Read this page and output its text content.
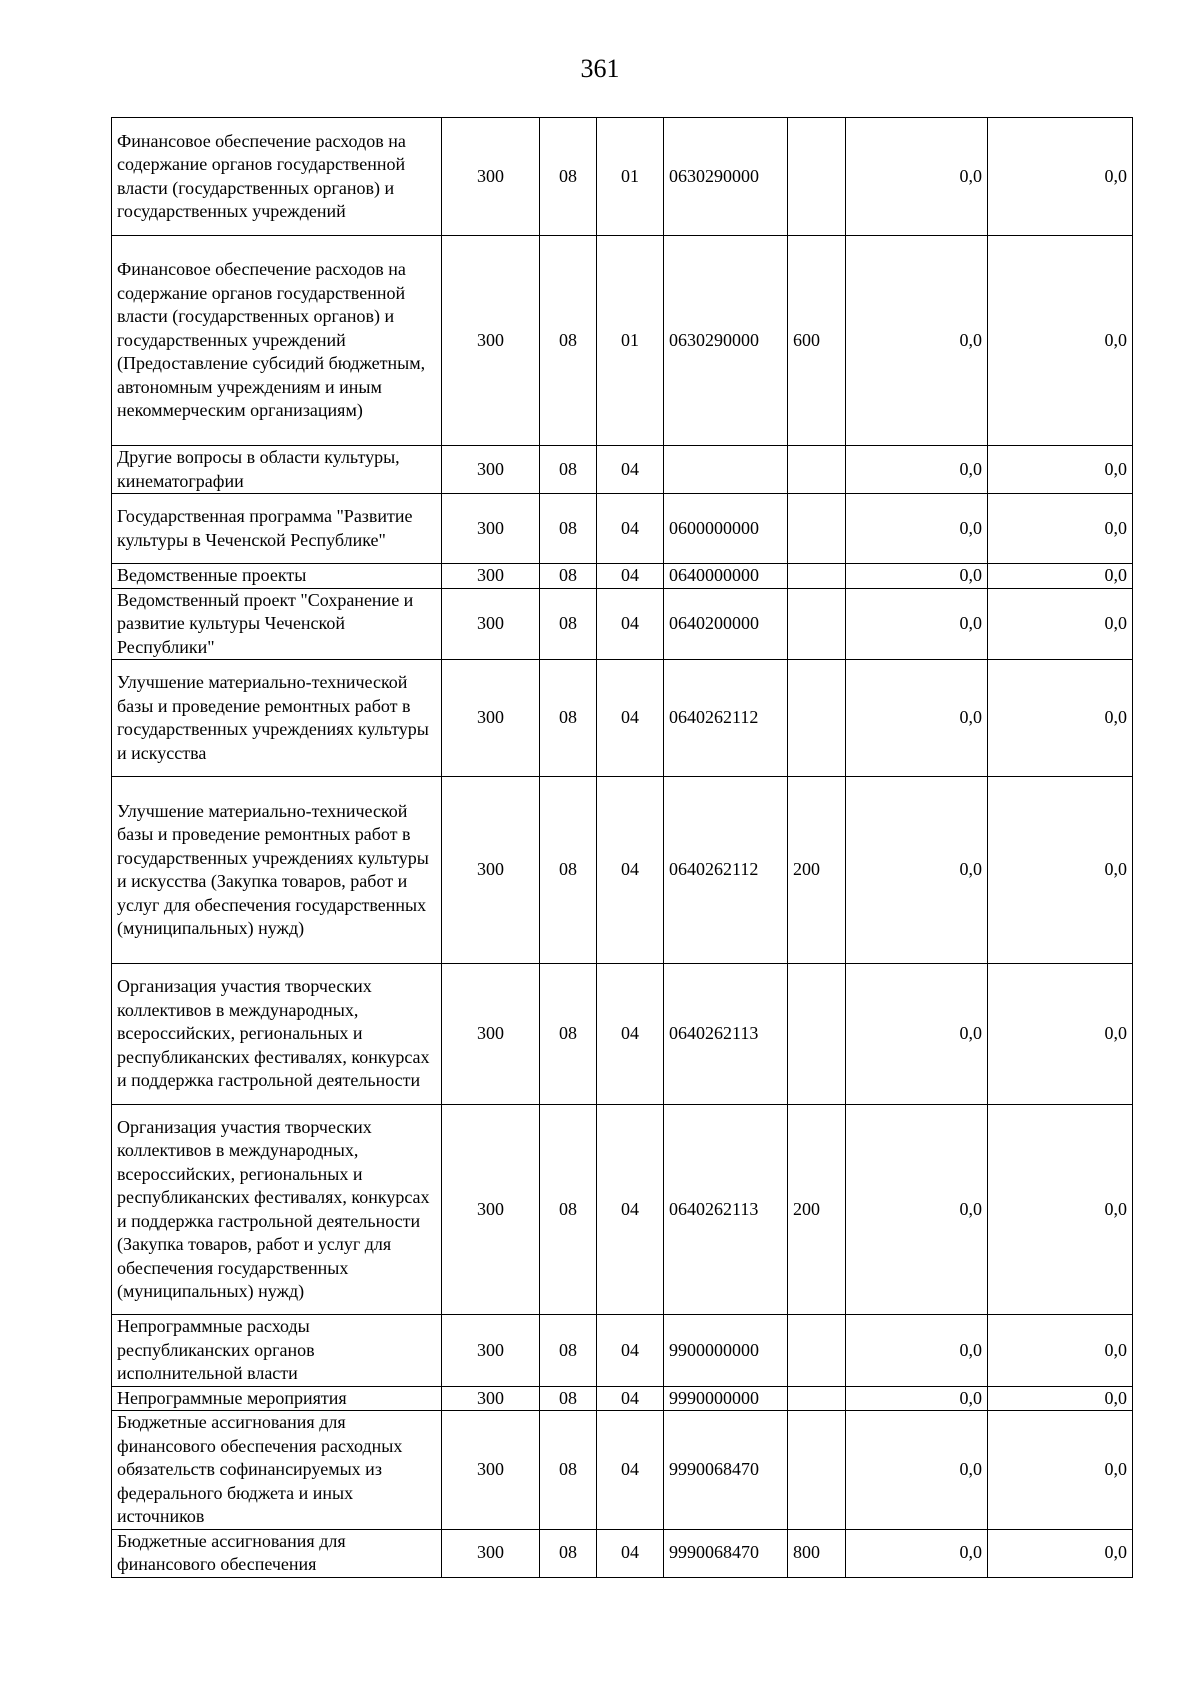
361
Финансовое обеспечение расходов на содержание органов государственной власти (государственных органов) и государственных учреждений	300	08	01	0630290000		0,0	0,0
Финансовое обеспечение расходов на содержание органов государственной власти (государственных органов) и государственных учреждений (Предоставление субсидий бюджетным, автономным учреждениям и иным некоммерческим организациям)	300	08	01	0630290000	600	0,0	0,0
Другие вопросы в области культуры, кинематографии	300	08	04			0,0	0,0
Государственная программа "Развитие культуры в Чеченской Республике"	300	08	04	0600000000		0,0	0,0
Ведомственные проекты	300	08	04	0640000000		0,0	0,0
Ведомственный проект "Сохранение и развитие культуры Чеченской Республики"	300	08	04	0640200000		0,0	0,0
Улучшение материально-технической базы и проведение ремонтных работ в государственных учреждениях культуры и искусства	300	08	04	0640262112		0,0	0,0
Улучшение материально-технической базы и проведение ремонтных работ в государственных учреждениях культуры и искусства (Закупка товаров, работ и услуг для обеспечения государственных (муниципальных) нужд)	300	08	04	0640262112	200	0,0	0,0
Организация участия творческих коллективов в международных, всероссийских, региональных и республиканских фестивалях, конкурсах и поддержка гастрольной деятельности	300	08	04	0640262113		0,0	0,0
Организация участия творческих коллективов в международных, всероссийских, региональных и республиканских фестивалях, конкурсах и поддержка гастрольной деятельности (Закупка товаров, работ и услуг для обеспечения государственных (муниципальных) нужд)	300	08	04	0640262113	200	0,0	0,0
Непрограммные расходы республиканских органов исполнительной власти	300	08	04	9900000000		0,0	0,0
Непрограммные мероприятия	300	08	04	9990000000		0,0	0,0
Бюджетные ассигнования для финансового обеспечения расходных обязательств софинансируемых из федерального бюджета и иных источников	300	08	04	9990068470		0,0	0,0
Бюджетные ассигнования для финансового обеспечения	300	08	04	9990068470	800	0,0	0,0
